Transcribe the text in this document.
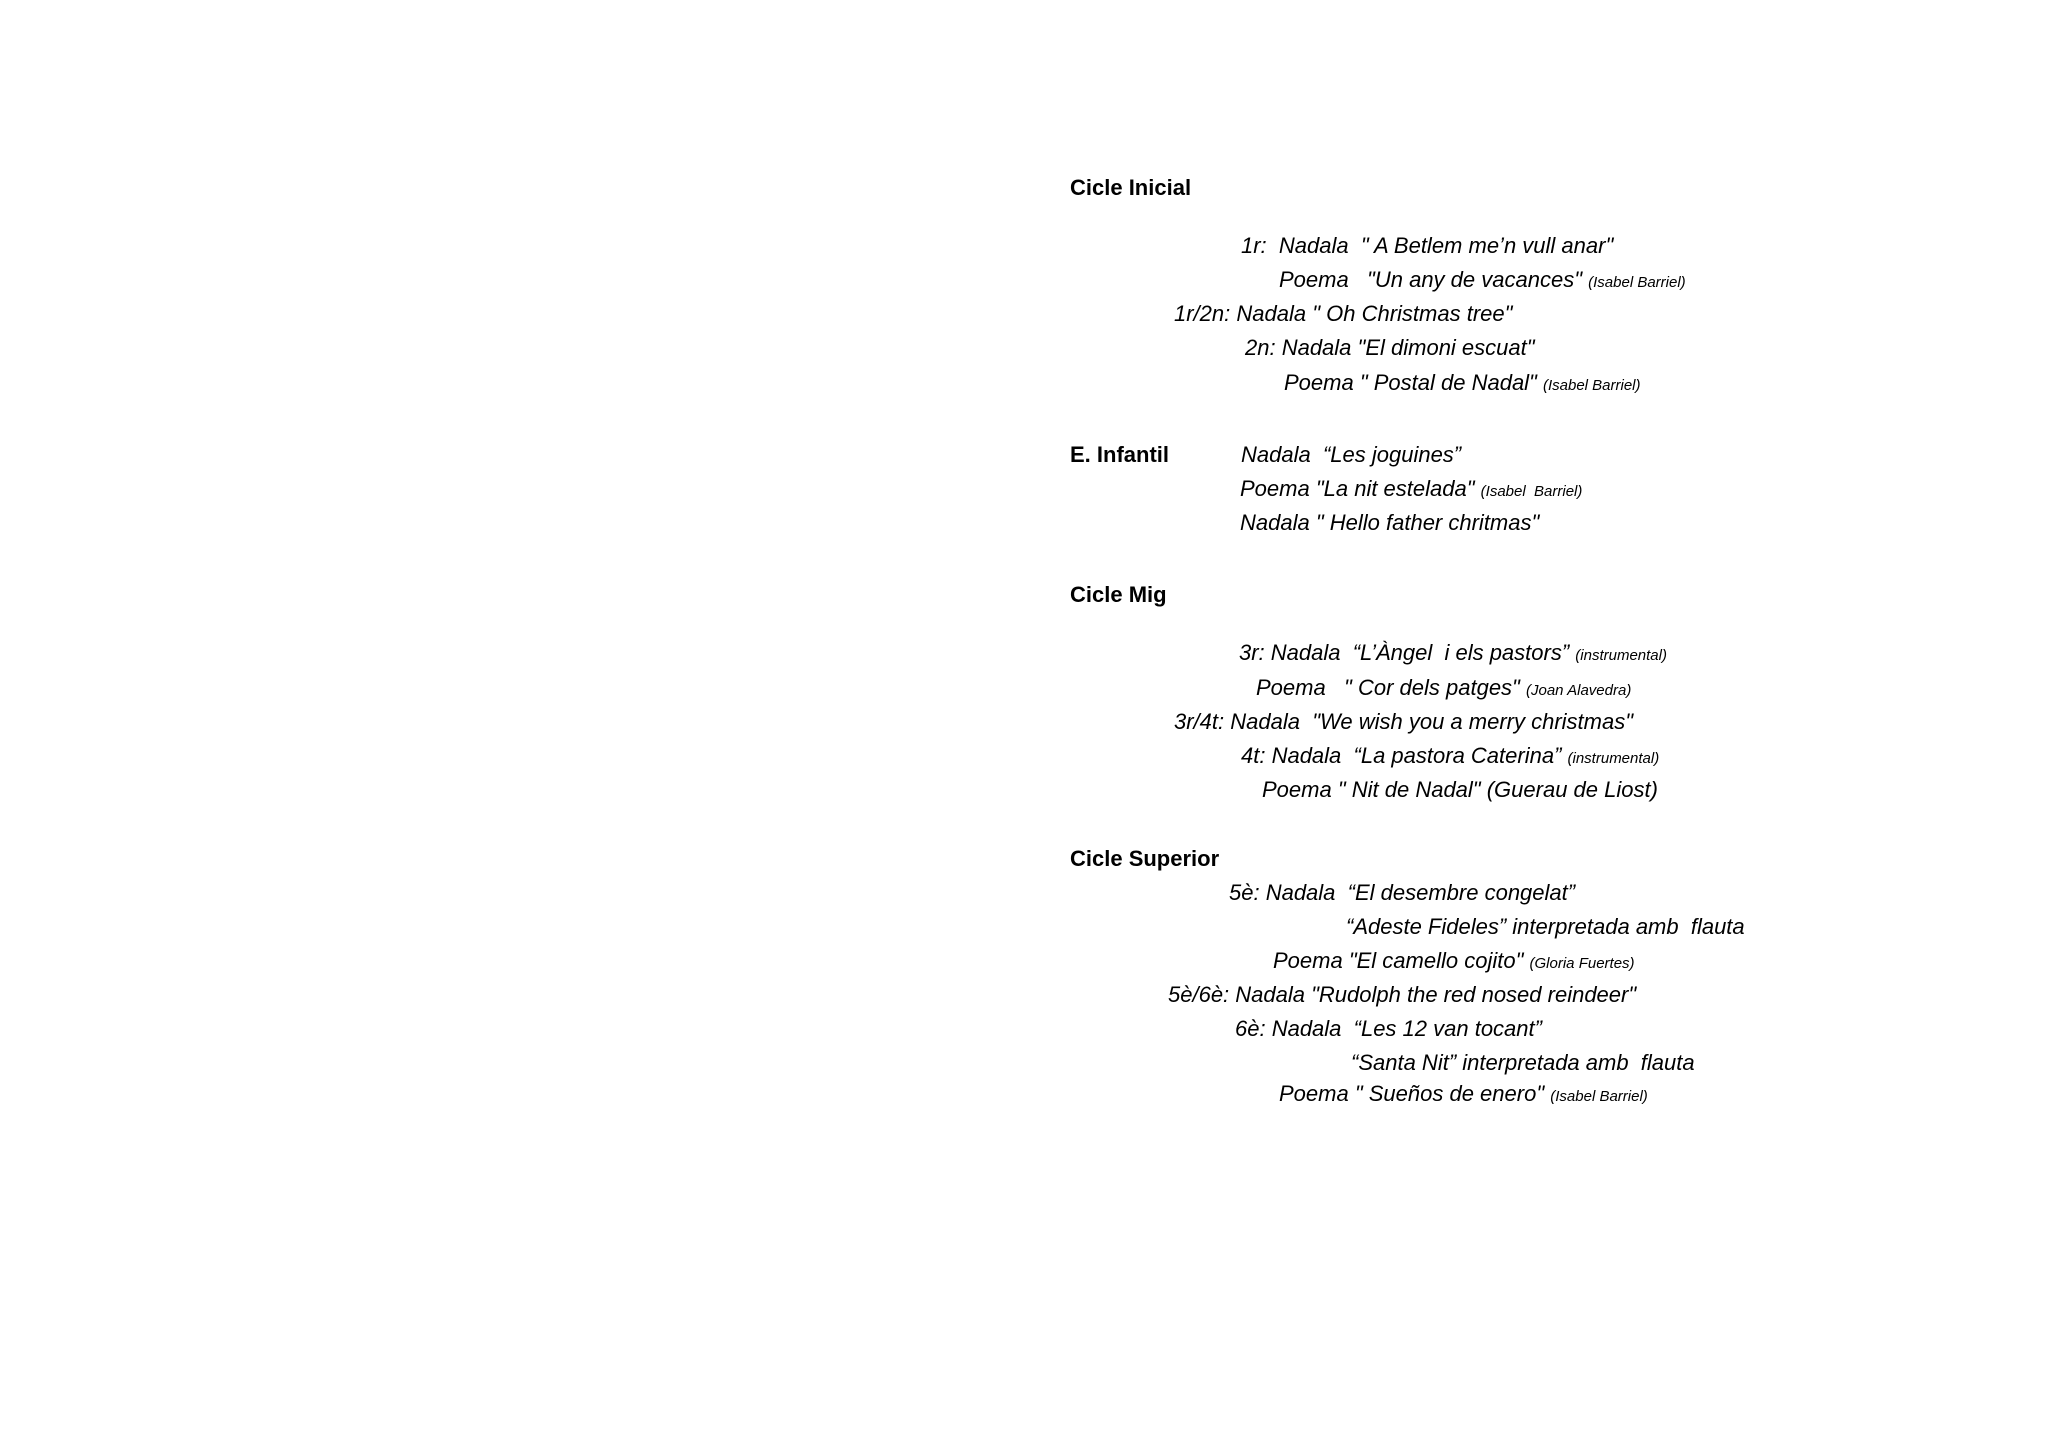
Cicle Inicial
1r:  Nadala  " A Betlem me’n vull anar"
Poema   "Un any de vacances" (Isabel Barriel)
1r/2n: Nadala " Oh Christmas tree"
2n: Nadala "El dimoni escuat"
Poema " Postal de Nadal" (Isabel Barriel)
E. Infantil	Nadala  “Les joguines”
Poema "La nit estelada" (Isabel  Barriel)
Nadala " Hello father chritmas"
Cicle Mig
3r: Nadala  “L’Àngel  i els pastors” (instrumental)
Poema   " Cor dels patges" (Joan Alavedra)
3r/4t: Nadala  "We wish you a merry christmas"
4t: Nadala  “La pastora Caterina” (instrumental)
Poema " Nit de Nadal" (Guerau de Liost)
Cicle Superior
5è: Nadala  “El desembre congelat”
“Adeste Fideles” interpretada amb  flauta
Poema "El camello cojito" (Gloria Fuertes)
5è/6è: Nadala "Rudolph the red nosed reindeer"
6è: Nadala  “Les 12 van tocant”
“Santa Nit” interpretada amb  flauta
Poema " Sueños de enero" (Isabel Barriel)
